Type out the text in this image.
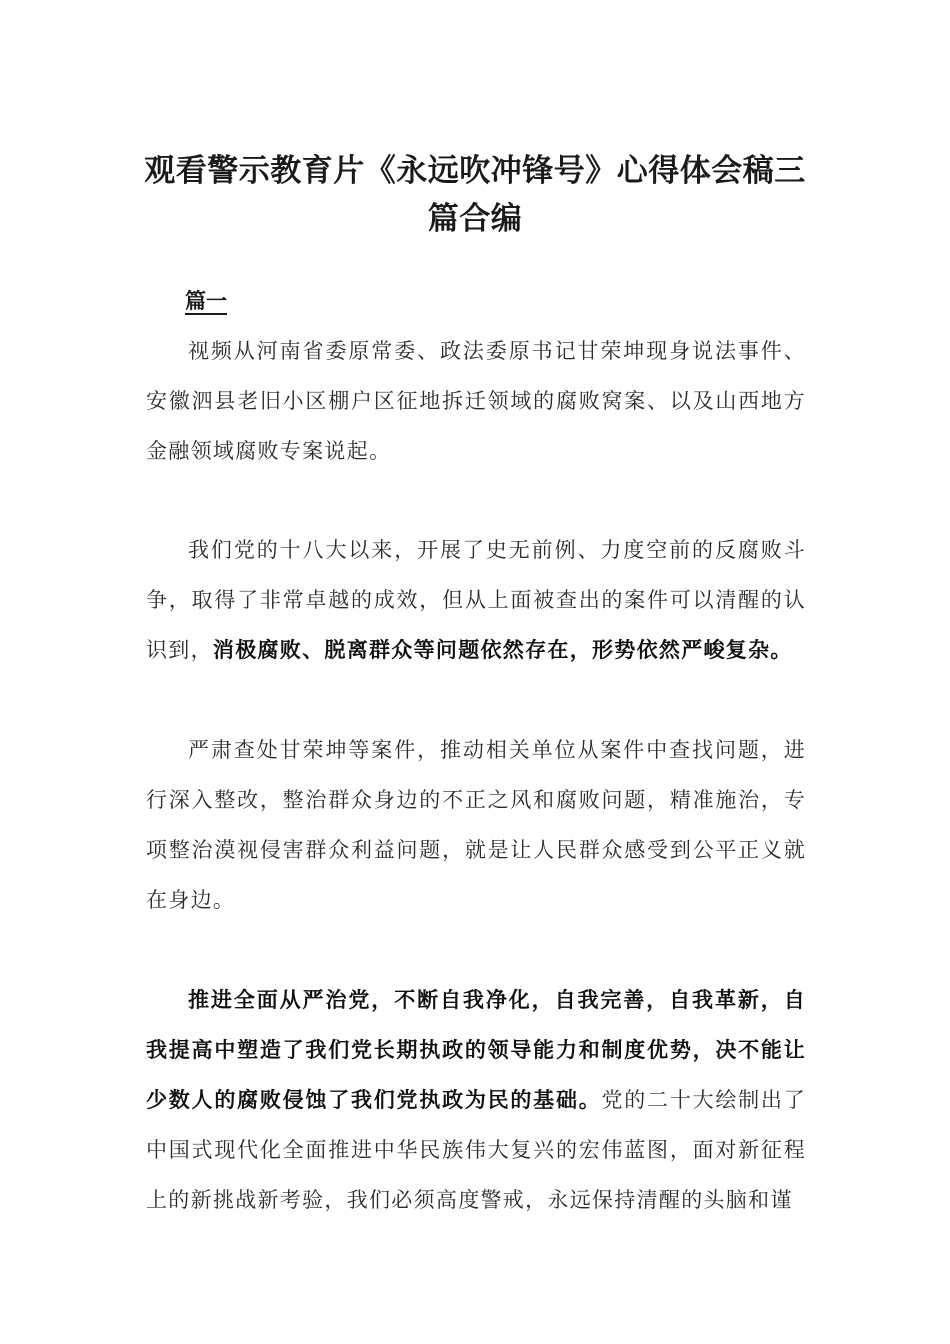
观看警示教育片《永远吹冲锋号》心得体会稿三篇合编
篇一

视频从河南省委原常委、政法委原书记甘荣坤现身说法事件、安徽泗县老旧小区棚户区征地拆迁领域的腐败窝案、以及山西地方金融领域腐败专案说起。

我们党的十八大以来，开展了史无前例、力度空前的反腐败斗争，取得了非常卓越的成效，但从上面被查出的案件可以清醒的认识到，消极腐败、脱离群众等问题依然存在，形势依然严峻复杂。

严肃查处甘荣坤等案件，推动相关单位从案件中查找问题，进行深入整改，整治群众身边的不正之风和腐败问题，精准施治，专项整治漠视侵害群众利益问题，就是让人民群众感受到公平正义就在身边。

推进全面从严治党，不断自我净化，自我完善，自我革新，自我提高中塑造了我们党长期执政的领导能力和制度优势，决不能让少数人的腐败侵蚀了我们党执政为民的基础。党的二十大绘制出了中国式现代化全面推进中华民族伟大复兴的宏伟蓝图，面对新征程上的新挑战新考验，我们必须高度警戒，永远保持清醒的头脑和谨
